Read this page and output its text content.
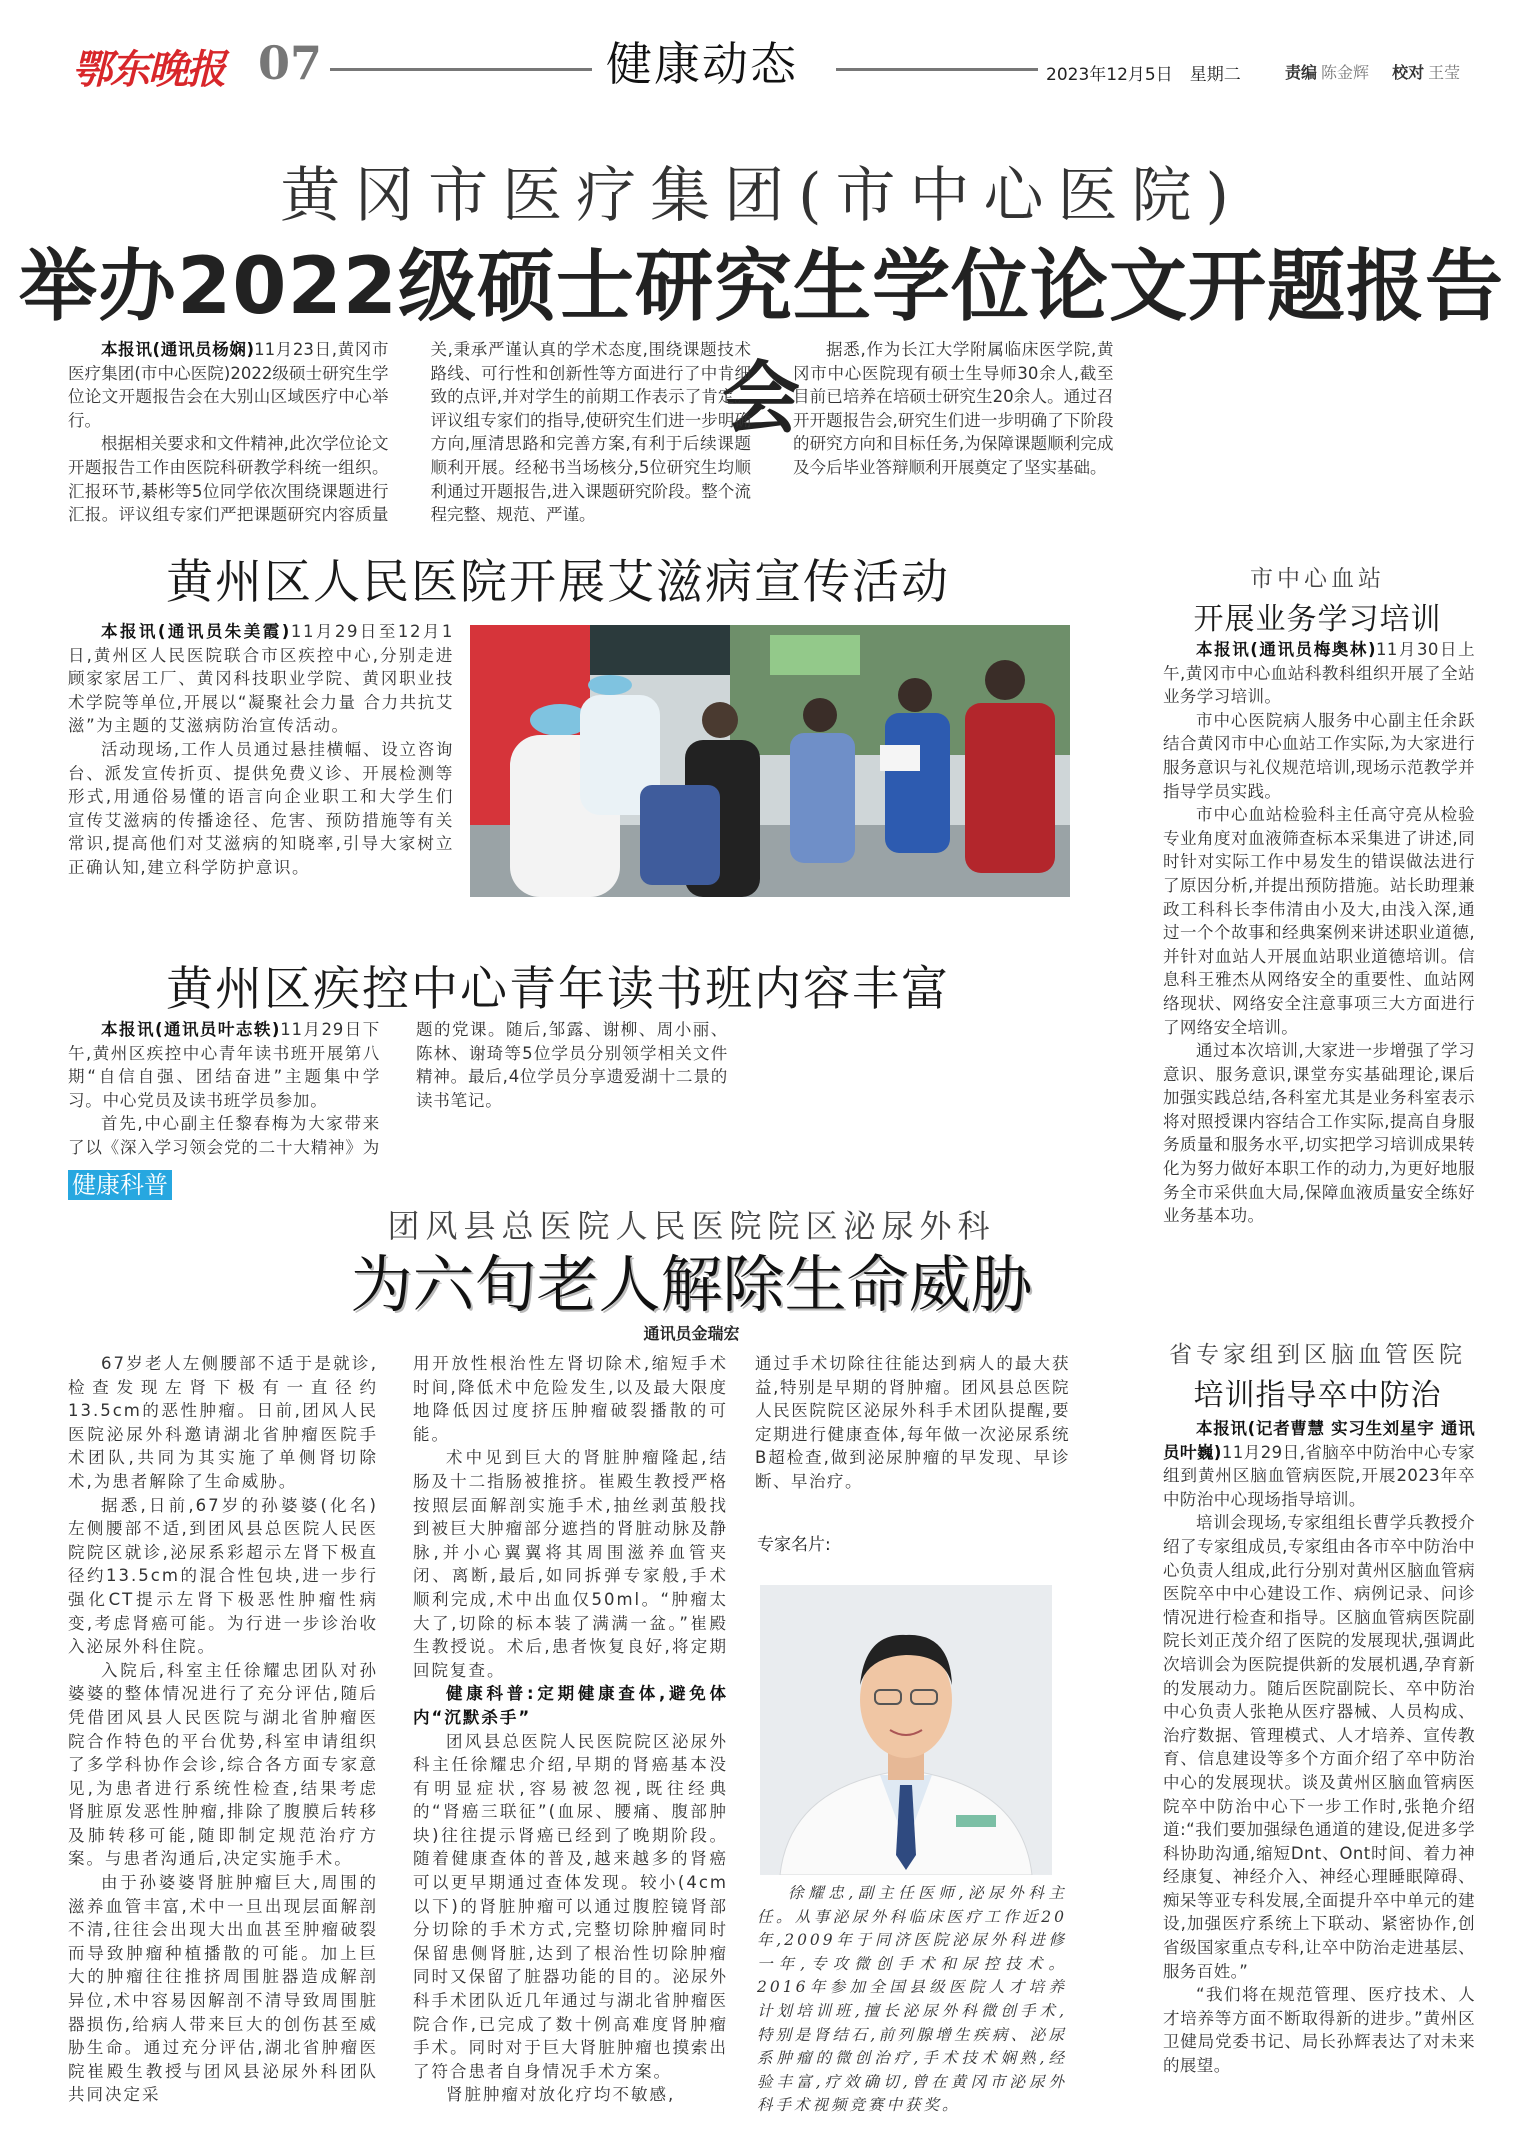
鄂东晚报 07	健康动态	2023年12月5日　星期二	责编 陈金辉 校对 王莹
黄冈市医疗集团(市中心医院)
举办2022级硕士研究生学位论文开题报告会

本报讯(通讯员杨娴)11月23日,黄冈市医疗集团(市中心医院)2022级硕士研究生学位论文开题报告会在大别山区域医疗中心举行。

根据相关要求和文件精神,此次学位论文开题报告工作由医院科研教学科统一组织。汇报环节,綦彬等5位同学依次围绕课题进行汇报。评议组专家们严把课题研究内容质量关,秉承严谨认真的学术态度,围绕课题技术路线、可行性和创新性等方面进行了中肯细致的点评,并对学生的前期工作表示了肯定。评议组专家们的指导,使研究生们进一步明确方向,厘清思路和完善方案,有利于后续课题顺利开展。经秘书当场核分,5位研究生均顺利通过开题报告,进入课题研究阶段。整个流程完整、规范、严谨。

据悉,作为长江大学附属临床医学院,黄冈市中心医院现有硕士生导师30余人,截至目前已培养在培硕士研究生20余人。通过召开开题报告会,研究生们进一步明确了下阶段的研究方向和目标任务,为保障课题顺利完成及今后毕业答辩顺利开展奠定了坚实基础。

黄州区人民医院开展艾滋病宣传活动

本报讯(通讯员朱美霞)11月29日至12月1日,黄州区人民医院联合市区疾控中心,分别走进顾家家居工厂、黄冈科技职业学院、黄冈职业技术学院等单位,开展以“凝聚社会力量 合力共抗艾滋”为主题的艾滋病防治宣传活动。

活动现场,工作人员通过悬挂横幅、设立咨询台、派发宣传折页、提供免费义诊、开展检测等形式,用通俗易懂的语言向企业职工和大学生们宣传艾滋病的传播途径、危害、预防措施等有关常识,提高他们对艾滋病的知晓率,引导大家树立正确认知,建立科学防护意识。

黄州区疾控中心青年读书班内容丰富

本报讯(通讯员叶志轶)11月29日下午,黄州区疾控中心青年读书班开展第八期“自信自强、团结奋进”主题集中学习。中心党员及读书班学员参加。

首先,中心副主任黎春梅为大家带来了以《深入学习领会党的二十大精神》为题的党课。随后,邹露、谢柳、周小丽、陈林、谢琦等5位学员分别领学相关文件精神。最后,4位学员分享遗爱湖十二景的读书笔记。

市中心血站
开展业务学习培训

本报讯(通讯员梅奥林)11月30日上午,黄冈市中心血站科教科组织开展了全站业务学习培训。

市中心医院病人服务中心副主任余跃结合黄冈市中心血站工作实际,为大家进行服务意识与礼仪规范培训,现场示范教学并指导学员实践。

市中心血站检验科主任高守亮从检验专业角度对血液筛查标本采集进了讲述,同时针对实际工作中易发生的错误做法进行了原因分析,并提出预防措施。站长助理兼政工科科长李伟清由小及大,由浅入深,通过一个个故事和经典案例来讲述职业道德,并针对血站人开展血站职业道德培训。信息科王雅杰从网络安全的重要性、血站网络现状、网络安全注意事项三大方面进行了网络安全培训。

通过本次培训,大家进一步增强了学习意识、服务意识,课堂夯实基础理论,课后加强实践总结,各科室尤其是业务科室表示将对照授课内容结合工作实际,提高自身服务质量和服务水平,切实把学习培训成果转化为努力做好本职工作的动力,为更好地服务全市采供血大局,保障血液质量安全练好业务基本功。

健康科普
团风县总医院人民医院院区泌尿外科
为六旬老人解除生命威胁
通讯员金瑞宏

67岁老人左侧腰部不适于是就诊,检查发现左肾下极有一直径约13.5cm的恶性肿瘤。日前,团风人民医院泌尿外科邀请湖北省肿瘤医院手术团队,共同为其实施了单侧肾切除术,为患者解除了生命威胁。

据悉,日前,67岁的孙婆婆(化名)左侧腰部不适,到团风县总医院人民医院院区就诊,泌尿系彩超示左肾下极直径约13.5cm的混合性包块,进一步行强化CT提示左肾下极恶性肿瘤性病变,考虑肾癌可能。为行进一步诊治收入泌尿外科住院。

入院后,科室主任徐耀忠团队对孙婆婆的整体情况进行了充分评估,随后凭借团风县人民医院与湖北省肿瘤医院合作特色的平台优势,科室申请组织了多学科协作会诊,综合各方面专家意见,为患者进行系统性检查,结果考虑肾脏原发恶性肿瘤,排除了腹膜后转移及肺转移可能,随即制定规范治疗方案。与患者沟通后,决定实施手术。

由于孙婆婆肾脏肿瘤巨大,周围的滋养血管丰富,术中一旦出现层面解剖不清,往往会出现大出血甚至肿瘤破裂而导致肿瘤种植播散的可能。加上巨大的肿瘤往往推挤周围脏器造成解剖异位,术中容易因解剖不清导致周围脏器损伤,给病人带来巨大的创伤甚至威胁生命。通过充分评估,湖北省肿瘤医院崔殿生教授与团风县泌尿外科团队共同决定采

用开放性根治性左肾切除术,缩短手术时间,降低术中危险发生,以及最大限度地降低因过度挤压肿瘤破裂播散的可能。

术中见到巨大的肾脏肿瘤隆起,结肠及十二指肠被推挤。崔殿生教授严格按照层面解剖实施手术,抽丝剥茧般找到被巨大肿瘤部分遮挡的肾脏动脉及静脉,并小心翼翼将其周围滋养血管夹闭、离断,最后,如同拆弹专家般,手术顺利完成,术中出血仅50ml。“肿瘤太大了,切除的标本装了满满一盆。”崔殿生教授说。术后,患者恢复良好,将定期回院复查。

健康科普:定期健康查体,避免体内“沉默杀手”

团风县总医院人民医院院区泌尿外科主任徐耀忠介绍,早期的肾癌基本没有明显症状,容易被忽视,既往经典的“肾癌三联征”(血尿、腰痛、腹部肿块)往往提示肾癌已经到了晚期阶段。随着健康查体的普及,越来越多的肾癌可以更早期通过查体发现。较小(4cm以下)的肾脏肿瘤可以通过腹腔镜肾部分切除的手术方式,完整切除肿瘤同时保留患侧肾脏,达到了根治性切除肿瘤同时又保留了脏器功能的目的。泌尿外科手术团队近几年通过与湖北省肿瘤医院合作,已完成了数十例高难度肾肿瘤手术。同时对于巨大肾脏肿瘤也摸索出了符合患者自身情况手术方案。

肾脏肿瘤对放化疗均不敏感,

通过手术切除往往能达到病人的最大获益,特别是早期的肾肿瘤。团风县总医院人民医院院区泌尿外科手术团队提醒,要定期进行健康查体,每年做一次泌尿系统B超检查,做到泌尿肿瘤的早发现、早诊断、早治疗。

专家名片:

徐耀忠,副主任医师,泌尿外科主任。从事泌尿外科临床医疗工作近20年,2009年于同济医院泌尿外科进修一年,专攻微创手术和尿控技术。2016年参加全国县级医院人才培养计划培训班,擅长泌尿外科微创手术,特别是肾结石,前列腺增生疾病、泌尿系肿瘤的微创治疗,手术技术娴熟,经验丰富,疗效确切,曾在黄冈市泌尿外科手术视频竞赛中获奖。

省专家组到区脑血管医院
培训指导卒中防治

本报讯(记者曹慧 实习生刘星宇 通讯员叶巍)11月29日,省脑卒中防治中心专家组到黄州区脑血管病医院,开展2023年卒中防治中心现场指导培训。

培训会现场,专家组组长曹学兵教授介绍了专家组成员,专家组由各市卒中防治中心负责人组成,此行分别对黄州区脑血管病医院卒中中心建设工作、病例记录、问诊情况进行检查和指导。区脑血管病医院副院长刘正茂介绍了医院的发展现状,强调此次培训会为医院提供新的发展机遇,孕育新的发展动力。随后医院副院长、卒中防治中心负责人张艳从医疗器械、人员构成、治疗数据、管理模式、人才培养、宣传教育、信息建设等多个方面介绍了卒中防治中心的发展现状。谈及黄州区脑血管病医院卒中防治中心下一步工作时,张艳介绍道:“我们要加强绿色通道的建设,促进多学科协助沟通,缩短Dnt、Ont时间、着力神经康复、神经介入、神经心理睡眠障碍、痴呆等亚专科发展,全面提升卒中单元的建设,加强医疗系统上下联动、紧密协作,创省级国家重点专科,让卒中防治走进基层、服务百姓。”

“我们将在规范管理、医疗技术、人才培养等方面不断取得新的进步。”黄州区卫健局党委书记、局长孙辉表达了对未来的展望。
